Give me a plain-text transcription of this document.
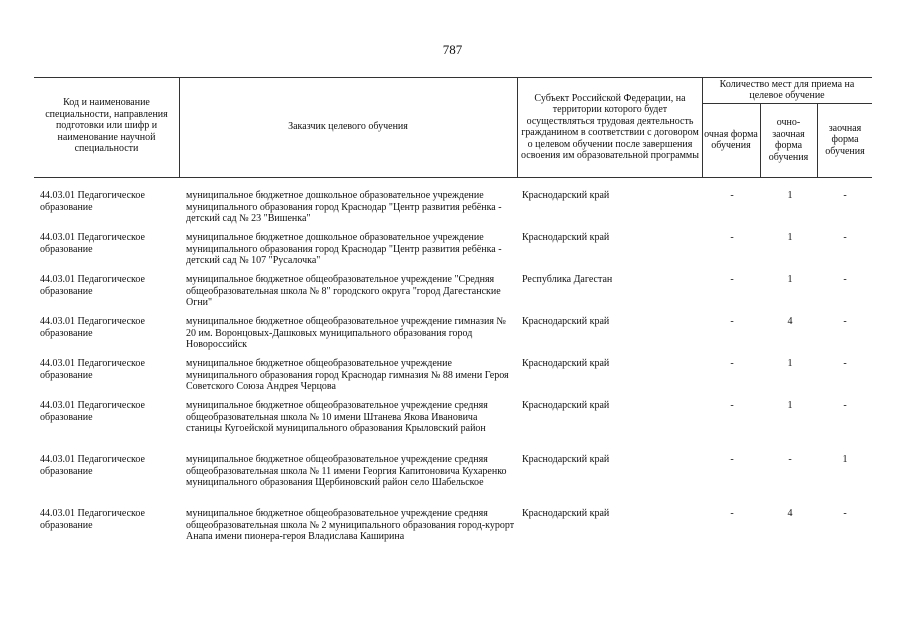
787
Код и наименование специальности, направления подготовки или шифр и наименование научной специальности
Заказчик целевого обучения
Субъект Российской Федерации, на территории которого будет осуществляться трудовая деятельность гражданином в соответствии с договором о целевом обучении после завершения освоения им образовательной программы
Количество мест для приема на целевое обучение
очная форма обучения
очно-заочная форма обучения
заочная форма обучения
44.03.01 Педагогическое образование
муниципальное бюджетное дошкольное образовательное учреждение муниципального образования город Краснодар "Центр развития ребёнка - детский сад № 23 "Вишенка"
Краснодарский край	-	1	-
44.03.01 Педагогическое образование
муниципальное бюджетное дошкольное образовательное учреждение муниципального образования город Краснодар "Центр развития ребёнка - детский сад № 107 "Русалочка"
Краснодарский край	-	1	-
44.03.01 Педагогическое образование
муниципальное бюджетное общеобразовательное учреждение "Средняя общеобразовательная школа № 8" городского округа "город Дагестанские Огни"
Республика Дагестан	-	1	-
44.03.01 Педагогическое образование
муниципальное бюджетное общеобразовательное учреждение гимназия № 20 им. Воронцовых-Дашковых муниципального образования город Новороссийск
Краснодарский край	-	4	-
44.03.01 Педагогическое образование
муниципальное бюджетное общеобразовательное учреждение муниципального образования город Краснодар гимназия № 88 имени Героя Советского Союза Андрея Черцова
Краснодарский край	-	1	-
44.03.01 Педагогическое образование
муниципальное бюджетное общеобразовательное учреждение средняя общеобразовательная школа № 10 имени Штанева Якова Ивановича станицы Кугоейской муниципального образования Крыловский район
Краснодарский край	-	1	-
44.03.01 Педагогическое образование
муниципальное бюджетное общеобразовательное учреждение средняя общеобразовательная школа № 11 имени Георгия Капитоновича Кухаренко муниципального образования Щербиновский район село Шабельское
Краснодарский край	-	-	1
44.03.01 Педагогическое образование
муниципальное бюджетное общеобразовательное учреждение средняя общеобразовательная школа № 2 муниципального образования город-курорт Анапа имени пионера-героя Владислава Каширина
Краснодарский край	-	4	-
